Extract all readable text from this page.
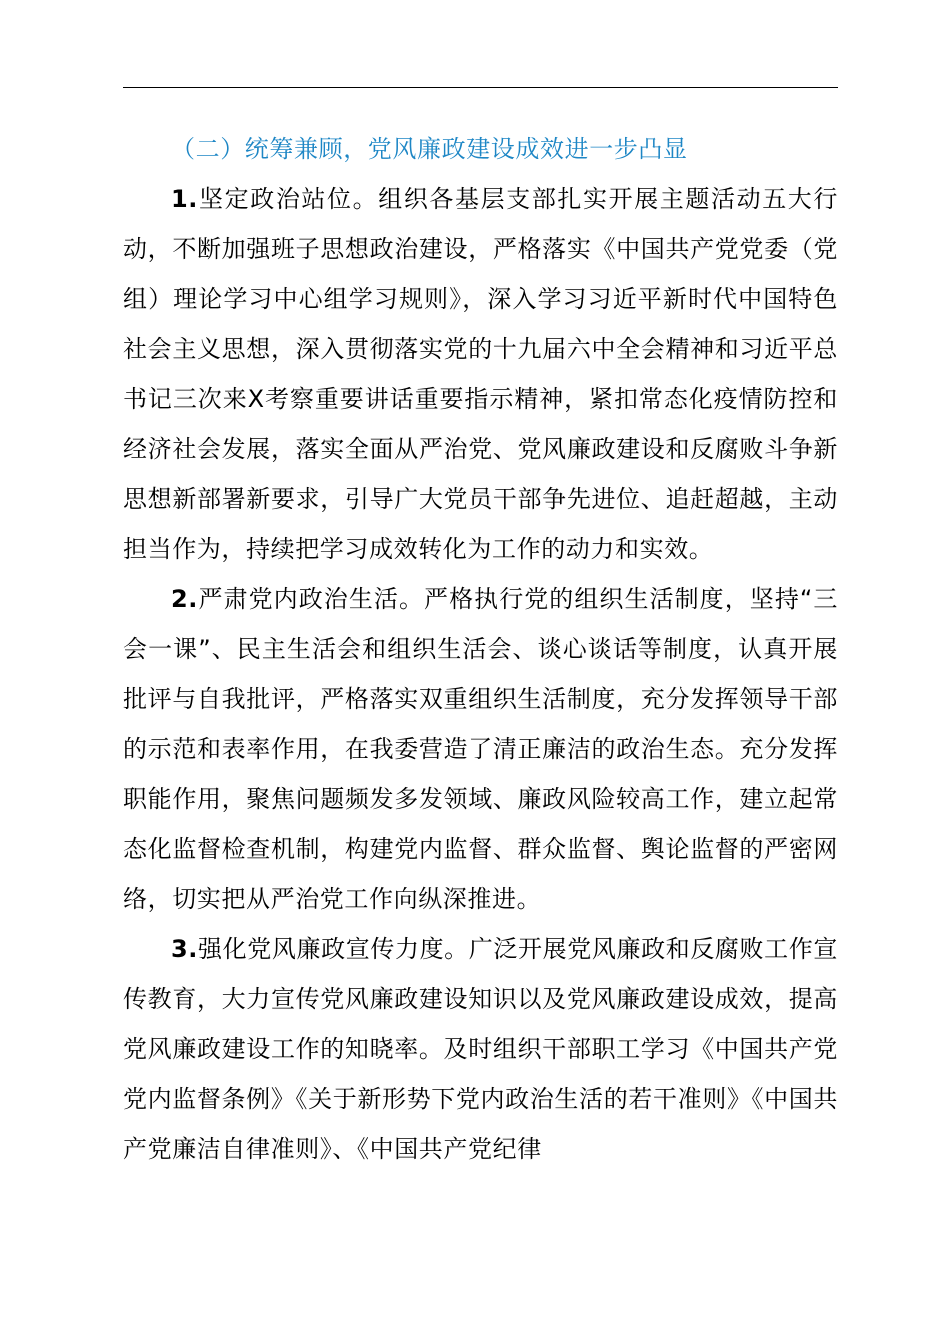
（二）统筹兼顾，党风廉政建设成效进一步凸显

1.坚定政治站位。组织各基层支部扎实开展主题活动五大行动，不断加强班子思想政治建设，严格落实《中国共产党党委（党组）理论学习中心组学习规则》，深入学习习近平新时代中国特色社会主义思想，深入贯彻落实党的十九届六中全会精神和习近平总书记三次来X考察重要讲话重要指示精神，紧扣常态化疫情防控和经济社会发展，落实全面从严治党、党风廉政建设和反腐败斗争新思想新部署新要求，引导广大党员干部争先进位、追赶超越，主动担当作为，持续把学习成效转化为工作的动力和实效。

2.严肃党内政治生活。严格执行党的组织生活制度，坚持“三会一课”、民主生活会和组织生活会、谈心谈话等制度，认真开展批评与自我批评，严格落实双重组织生活制度，充分发挥领导干部的示范和表率作用，在我委营造了清正廉洁的政治生态。充分发挥职能作用，聚焦问题频发多发领域、廉政风险较高工作，建立起常态化监督检查机制，构建党内监督、群众监督、舆论监督的严密网络，切实把从严治党工作向纵深推进。

3.强化党风廉政宣传力度。广泛开展党风廉政和反腐败工作宣传教育，大力宣传党风廉政建设知识以及党风廉政建设成效，提高党风廉政建设工作的知晓率。及时组织干部职工学习《中国共产党党内监督条例》《关于新形势下党内政治生活的若干准则》《中国共产党廉洁自律准则》、《中国共产党纪律
